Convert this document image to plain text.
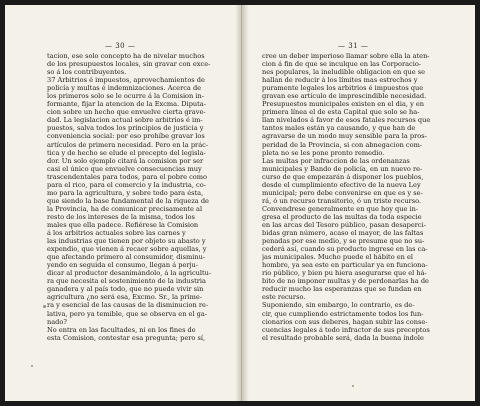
— 30 —
tacion, ese solo concepto ha de nivelar muchos
de los presupuestos locales, sin gravar con exce-
so á los contribuyentes.
37 Arbitrios é impuestos, aprovechamientos de
policía y multas é indemnizaciones. Acerca de
los primeros solo se le ocurre á la Comision in-
formante, fijar la atencion de la Excma. Diputa-
cion sobre un hecho que envuelve cierta grave-
dad. La legislacion actual sobre arbitrios é im-
puestos, salva todos los principios de justicia y
conveniencia social: por eso prohíbe gravar los
artículos de primera necesidad. Pero en la prác-
tica y de hecho se elude el precepto del legisla-
dor. Un solo ejemplo citará la comision por ser
casi el único que envuelve consecuencias muy
trascendentales para todos, para el pobre como
para el rico, para el comercio y la industria, co-
mo para la agricultura, y sobre todo para ésta,
que siendo la base fundamental de la riqueza de
la Provincia, ha de comunicar precisamente al
resto de los intereses de la misma, todos los
males que ella padece. Refiérese la Comision
á los arbitrios actuales sobre las carnes y
las industrias que tienen por objeto su abasto y
expendio, que vienen á recaer sobre aquellas, y
que afectando primero al consumidor, disminu-
yendo en seguida el consumo, llegan á perju-
dicar al productor desanimándolo, á la agricultu-
ra que necesita el sostenimiento de la industria
ganadera y al país todo, que no puede vivir sin
agricultura ¿no será esa, Excmo. Sr., la prime-
ra y esencial de las causas de la disminucion re-
lativa, pero ya temible, que se observa en el ga-
nado?
No entra en las facultades, ni en los fines de
esta Comision, contestar esa pregunta; pero sí,
— 31 —
cree un deber imperioso llamar sobre ella la aten-
cion á fin de que se inculque en las Corporacio-
nes populares, la ineludible obligacion en que se
hallan de reducir á los límites mas estrechos y
puramente legales los arbitrios é impuestos que
gravan ese artículo de imprescindible necesidad.
Presupuestos municipales existen en el dia, y en
primera línea el de esta Capital que solo se ha-
llan nivelados á favor de esos fatales recursos que
tantos males están ya causando, y que han de
agravarse de un modo muy sensible para la pros-
peridad de la Provincia, si con abnegacion com-
pleta no se les pone pronto remedio.
Las multas por infraccion de las ordenanzas
municipales y Bando de policía, en un nuevo re-
curso de que empezarán á disponer los pueblos,
desde el cumplimiento efectivo de la nueva Ley
municipal; pero debe convenirse en que es y se-
rá, ó un recurso transitorio, ó un triste recurso.
Convendrese generalmente en que hoy que in-
gresa el producto de las multas da toda especie
en las arcas del Tesoro público, pasan desaperci-
bidas gran número, acaso el mayor, de las faltas
penadas por ese medio, y se presume que no su-
cederá así, cuando su producto ingrese en las ca-
jas municipales. Mucho puede el hábito en el
hombre, ya sea este en particular ya en funciona-
rio público, y bien pu hiera asegurarse que el há-
bito de no imponer multas y de perdonarlas ha de
reducir mucho las esperanzas que se fundan en
este recurso.
Suponiendo, sin embargo, lo contrario, es de-
cir, que cumpliendo estrictamente todos los fun-
cionarios con sus deberes, hagan subir las conse-
cuencias legales á todo infractor de sus preceptos
el resultado probable será, dada la buena índole
